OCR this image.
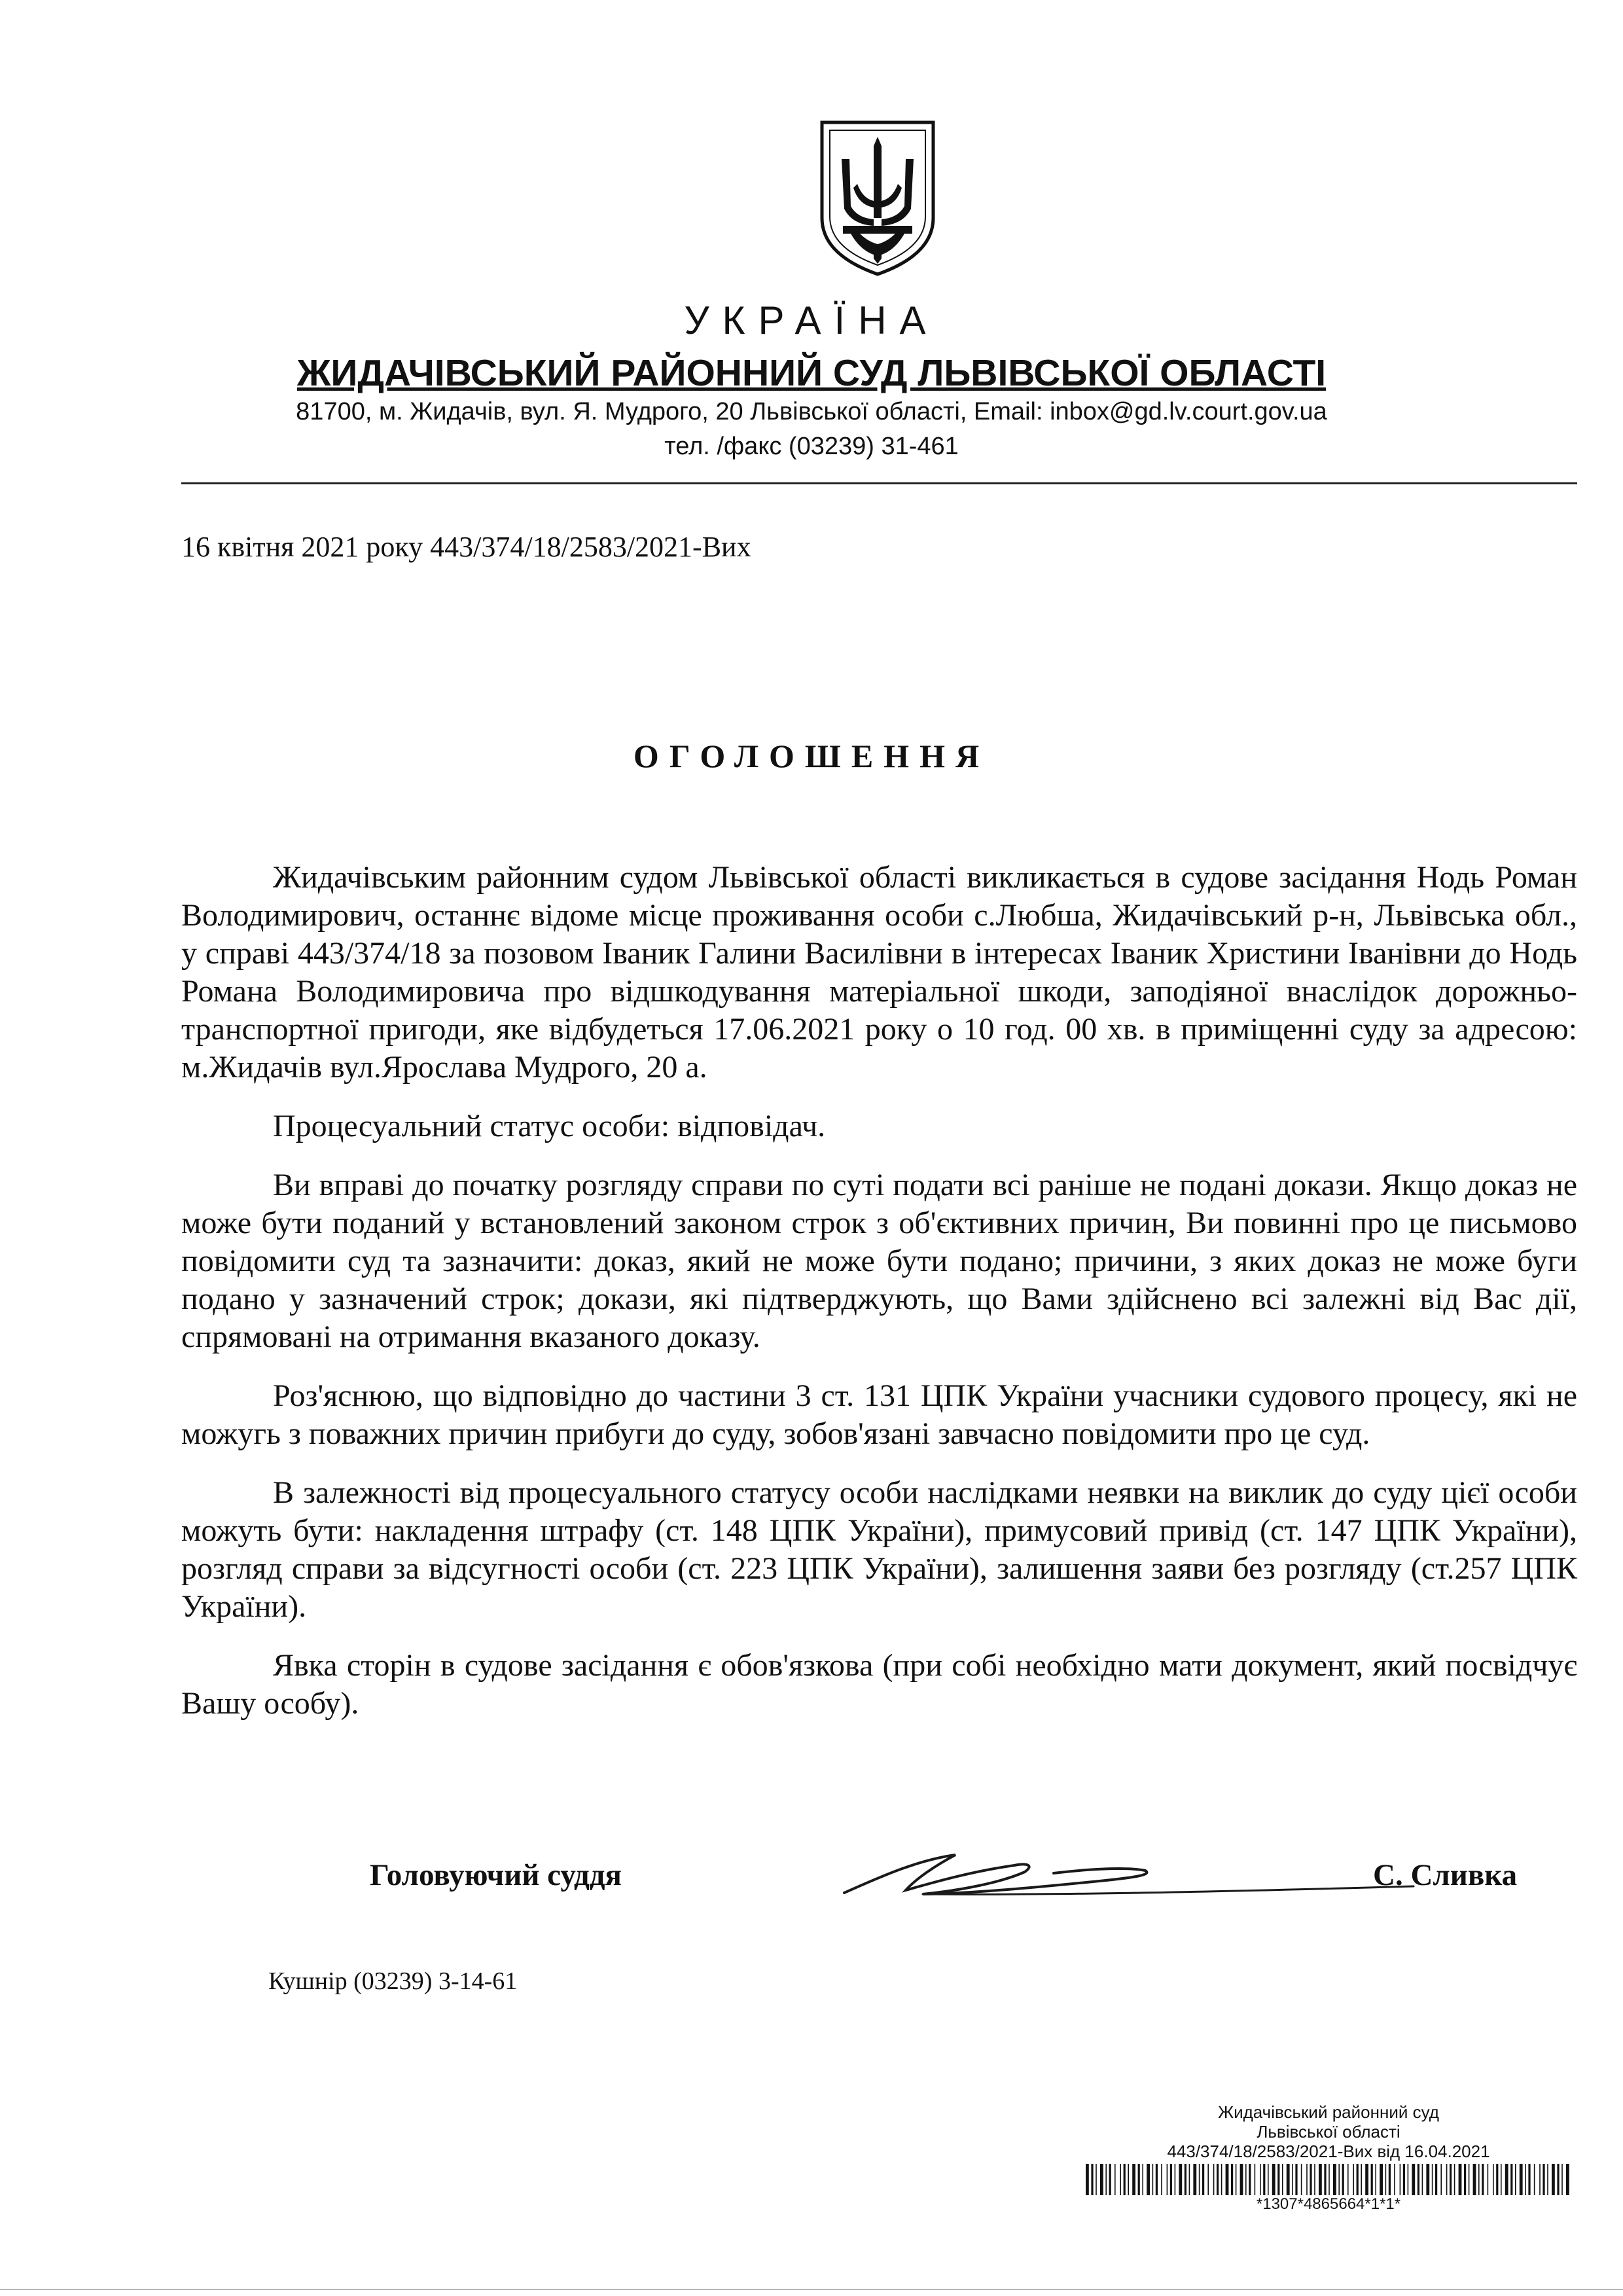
УКРАЇНА
ЖИДАЧІВСЬКИЙ РАЙОННИЙ СУД ЛЬВІВСЬКОЇ ОБЛАСТІ
81700, м. Жидачів, вул. Я. Мудрого, 20 Львівської області, Email: inbox@gd.lv.court.gov.ua
тел. /факс (03239) 31-461
16 квітня 2021 року 443/374/18/2583/2021-Вих
ОГОЛОШЕННЯ

Жидачівським районним судом Львівської області викликається в судове засідання Нодь Роман Володимирович, останнє відоме місце проживання особи с.Любша, Жидачівський р-н, Львівська обл., у справі 443/374/18 за позовом Іваник Галини Василівни в інтересах Іваник Христини Іванівни до Нодь Романа Володимировича про відшкодування матеріальної шкоди, заподіяної внаслідок дорожньо-транспортної пригоди, яке відбудеться 17.06.2021 року о 10 год. 00 хв. в приміщенні суду за адресою: м.Жидачів вул.Ярослава Мудрого, 20 а.

Процесуальний статус особи: відповідач.

Ви вправі до початку розгляду справи по суті подати всі раніше не подані докази. Якщо доказ не може бути поданий у встановлений законом строк з об'єктивних причин, Ви повинні про це письмово повідомити суд та зазначити: доказ, який не може бути подано; причини, з яких доказ не може буги подано у зазначений строк; докази, які підтверджують, що Вами здійснено всі залежні від Вас дії, спрямовані на отримання вказаного доказу.

Роз'яснюю, що відповідно до частини 3 ст. 131 ЦПК України учасники судового процесу, які не можугь з поважних причин прибуги до суду, зобов'язані завчасно повідомити про це суд.

В залежності від процесуального статусу особи наслідками неявки на виклик до суду цієї особи можуть бути: накладення штрафу (ст. 148 ЦПК України), примусовий привід (ст. 147 ЦПК України), розгляд справи за відсугності особи (ст. 223 ЦПК України), залишення заяви без розгляду (ст.257 ЦПК України).

Явка сторін в судове засідання є обов'язкова (при собі необхідно мати документ, який посвідчує Вашу особу).

Головуючий суддя	С. Сливка
Кушнір (03239) 3-14-61
Жидачівський районний суд
Львівської області
443/374/18/2583/2021-Вих від 16.04.2021
*1307*4865664*1*1*
